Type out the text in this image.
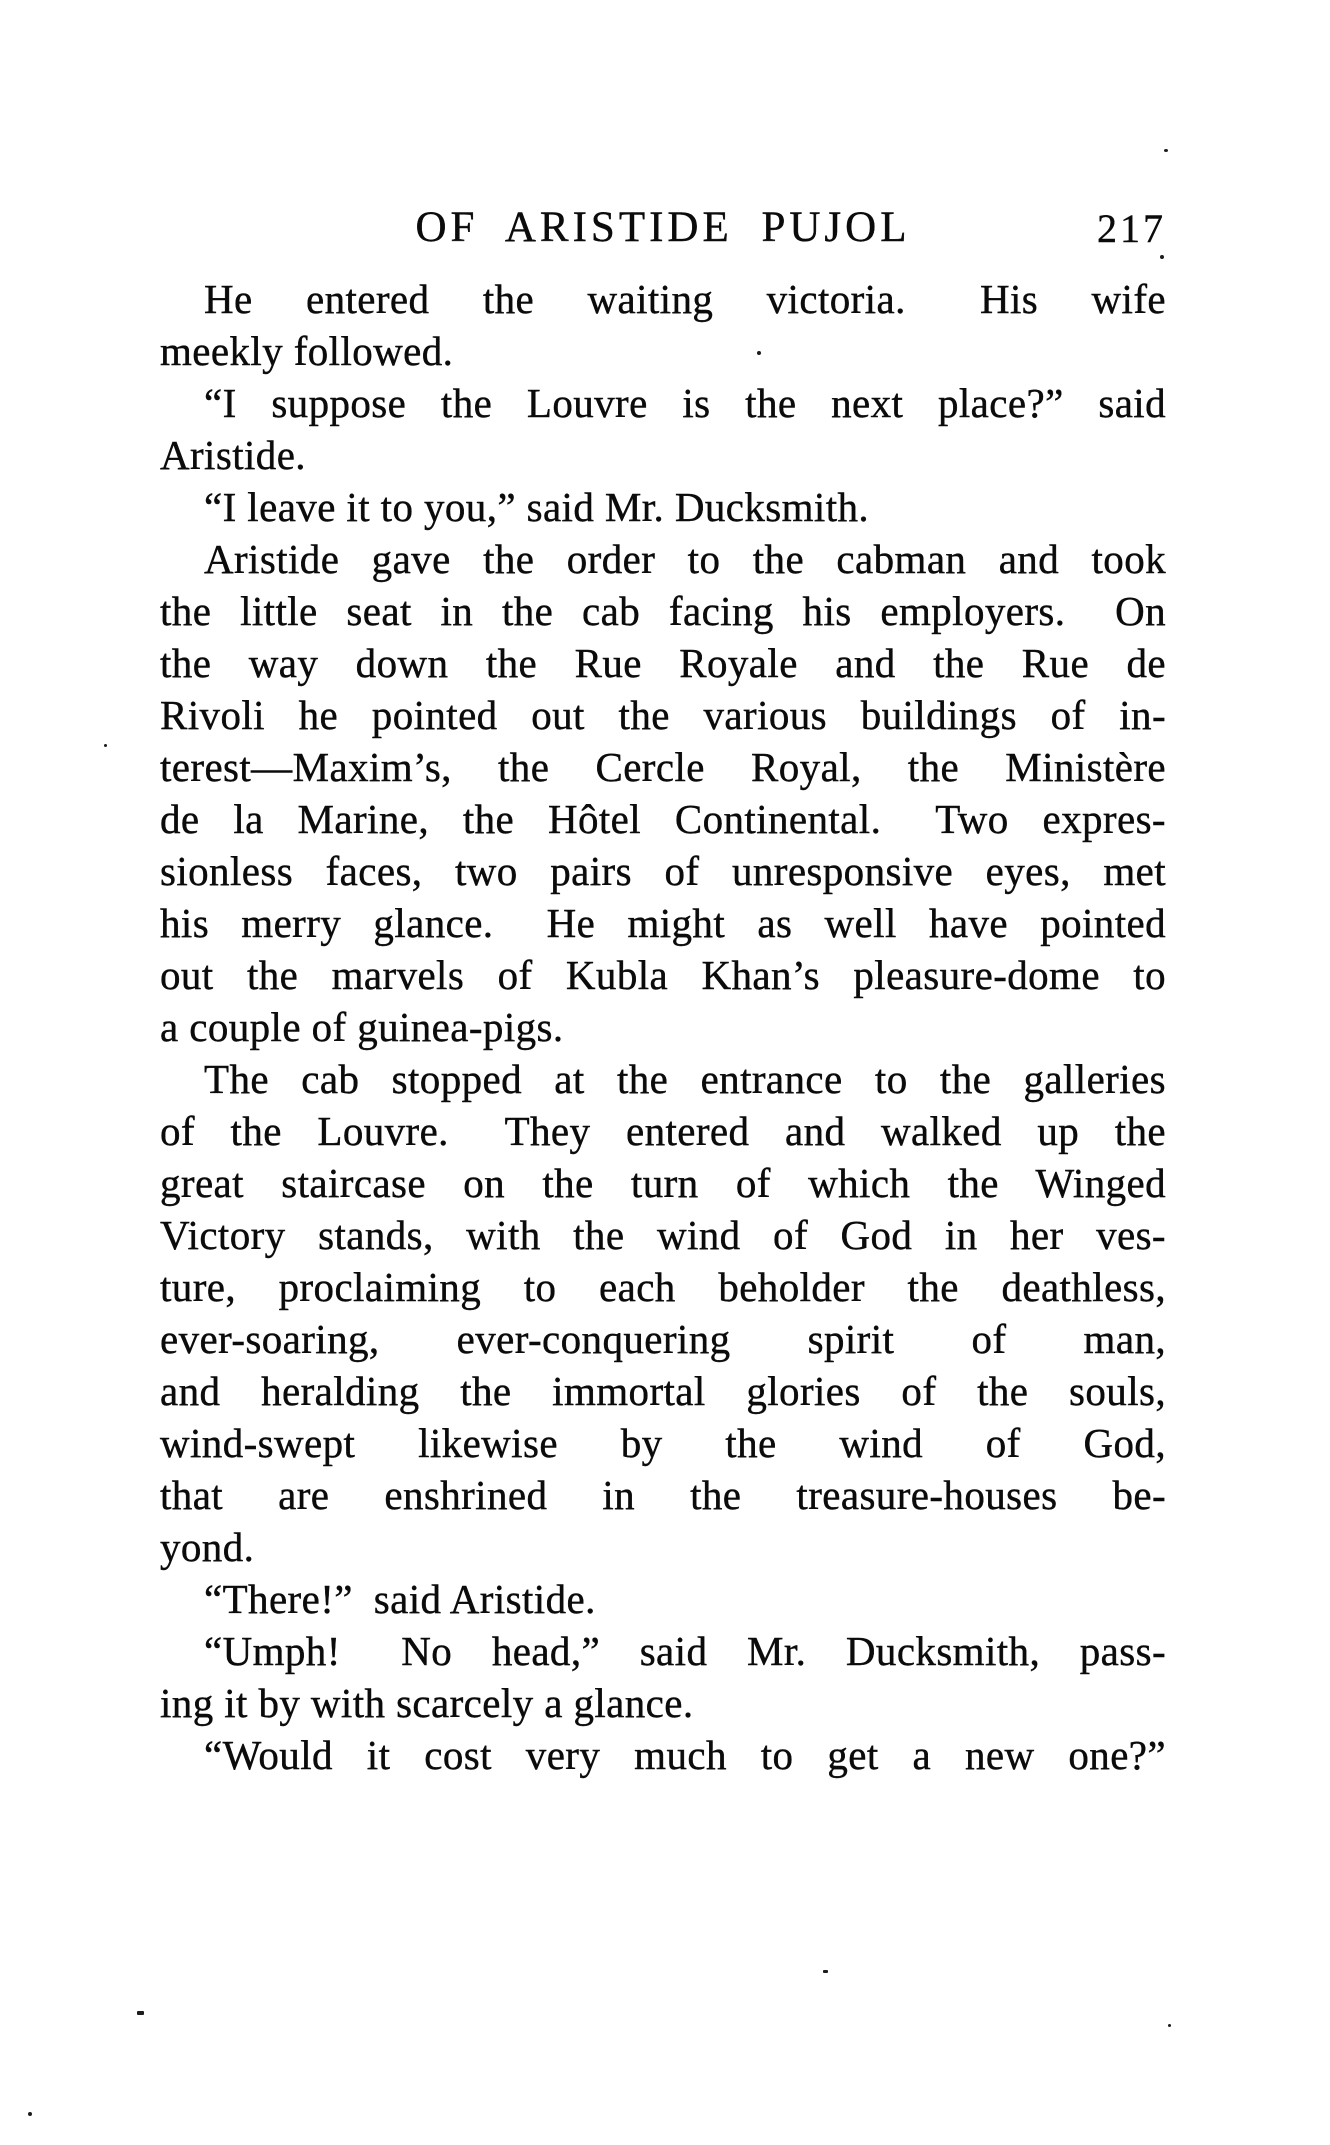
OF ARISTIDE PUJOL	217
He entered the waiting victoria.  His wife
meekly followed.
“I suppose the Louvre is the next place?” said
Aristide.
“I leave it to you,” said Mr. Ducksmith.
Aristide gave the order to the cabman and took
the little seat in the cab facing his employers.  On
the way down the Rue Royale and the Rue de
Rivoli he pointed out the various buildings of in-
terest—Maxim’s, the Cercle Royal, the Ministère
de la Marine, the Hôtel Continental.  Two expres-
sionless faces, two pairs of unresponsive eyes, met
his merry glance.  He might as well have pointed
out the marvels of Kubla Khan’s pleasure-dome to
a couple of guinea-pigs.
The cab stopped at the entrance to the galleries
of the Louvre.  They entered and walked up the
great staircase on the turn of which the Winged
Victory stands, with the wind of God in her ves-
ture, proclaiming to each beholder the deathless,
ever-soaring, ever-conquering spirit of man,
and heralding the immortal glories of the souls,
wind-swept likewise by the wind of God,
that are enshrined in the treasure-houses be-
yond.
“There!” said Aristide.
“Umph!  No head,” said Mr. Ducksmith, pass-
ing it by with scarcely a glance.
“Would it cost very much to get a new one?”
